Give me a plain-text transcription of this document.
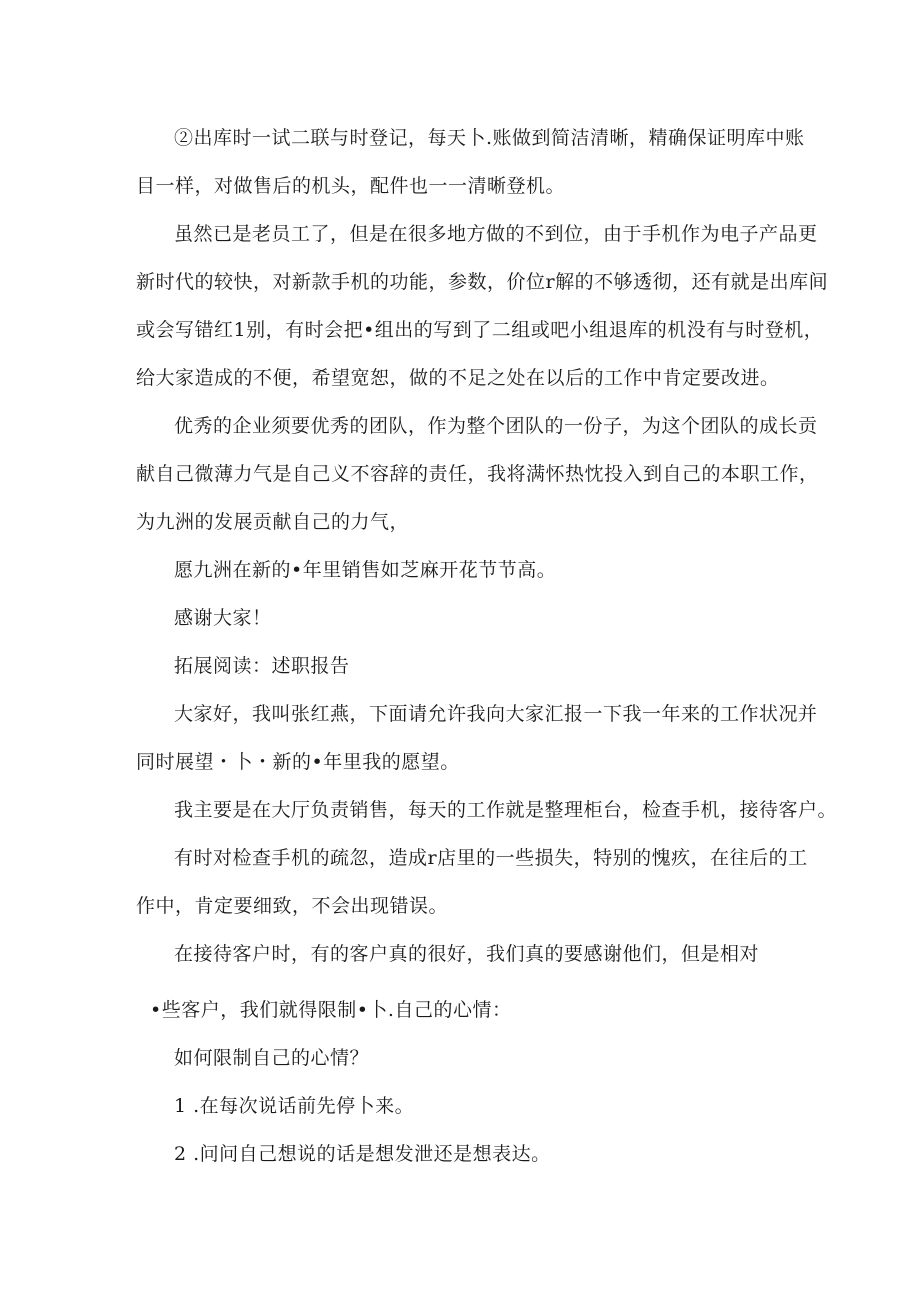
②出库时一试二联与时登记，每天卜.账做到简洁清晰，精确保证明库中账
目一样，对做售后的机头，配件也一一清晰登机。
虽然已是老员工了，但是在很多地方做的不到位，由于手机作为电子产品更
新时代的较快，对新款手机的功能，参数，价位r解的不够透彻，还有就是出库间
或会写错红1别，有时会把•组出的写到了二组或吧小组退库的机没有与时登机，
给大家造成的不便，希望宽恕，做的不足之处在以后的工作中肯定要改进。
优秀的企业须要优秀的团队，作为整个团队的一份子，为这个团队的成长贡
献自己微薄力气是自己义不容辞的责任，我将满怀热忱投入到自己的本职工作，
为九洲的发展贡献自己的力气，
愿九洲在新的•年里销售如芝麻开花节节高。
感谢大家！
拓展阅读：述职报告
大家好，我叫张红燕，下面请允许我向大家汇报一下我一年来的工作状况并
同时展望・卜・新的•年里我的愿望。
我主要是在大厅负责销售，每天的工作就是整理柜台，检查手机，接待客户。
有时对检查手机的疏忽，造成r店里的一些损失，特别的愧疚，在往后的工
作中，肯定要细致，不会出现错误。
在接待客户时，有的客户真的很好，我们真的要感谢他们，但是相对
•些客户，我们就得限制•卜.自己的心情：
如何限制自己的心情？
1 .在每次说话前先停卜来。
2 .问问自己想说的话是想发泄还是想表达。
